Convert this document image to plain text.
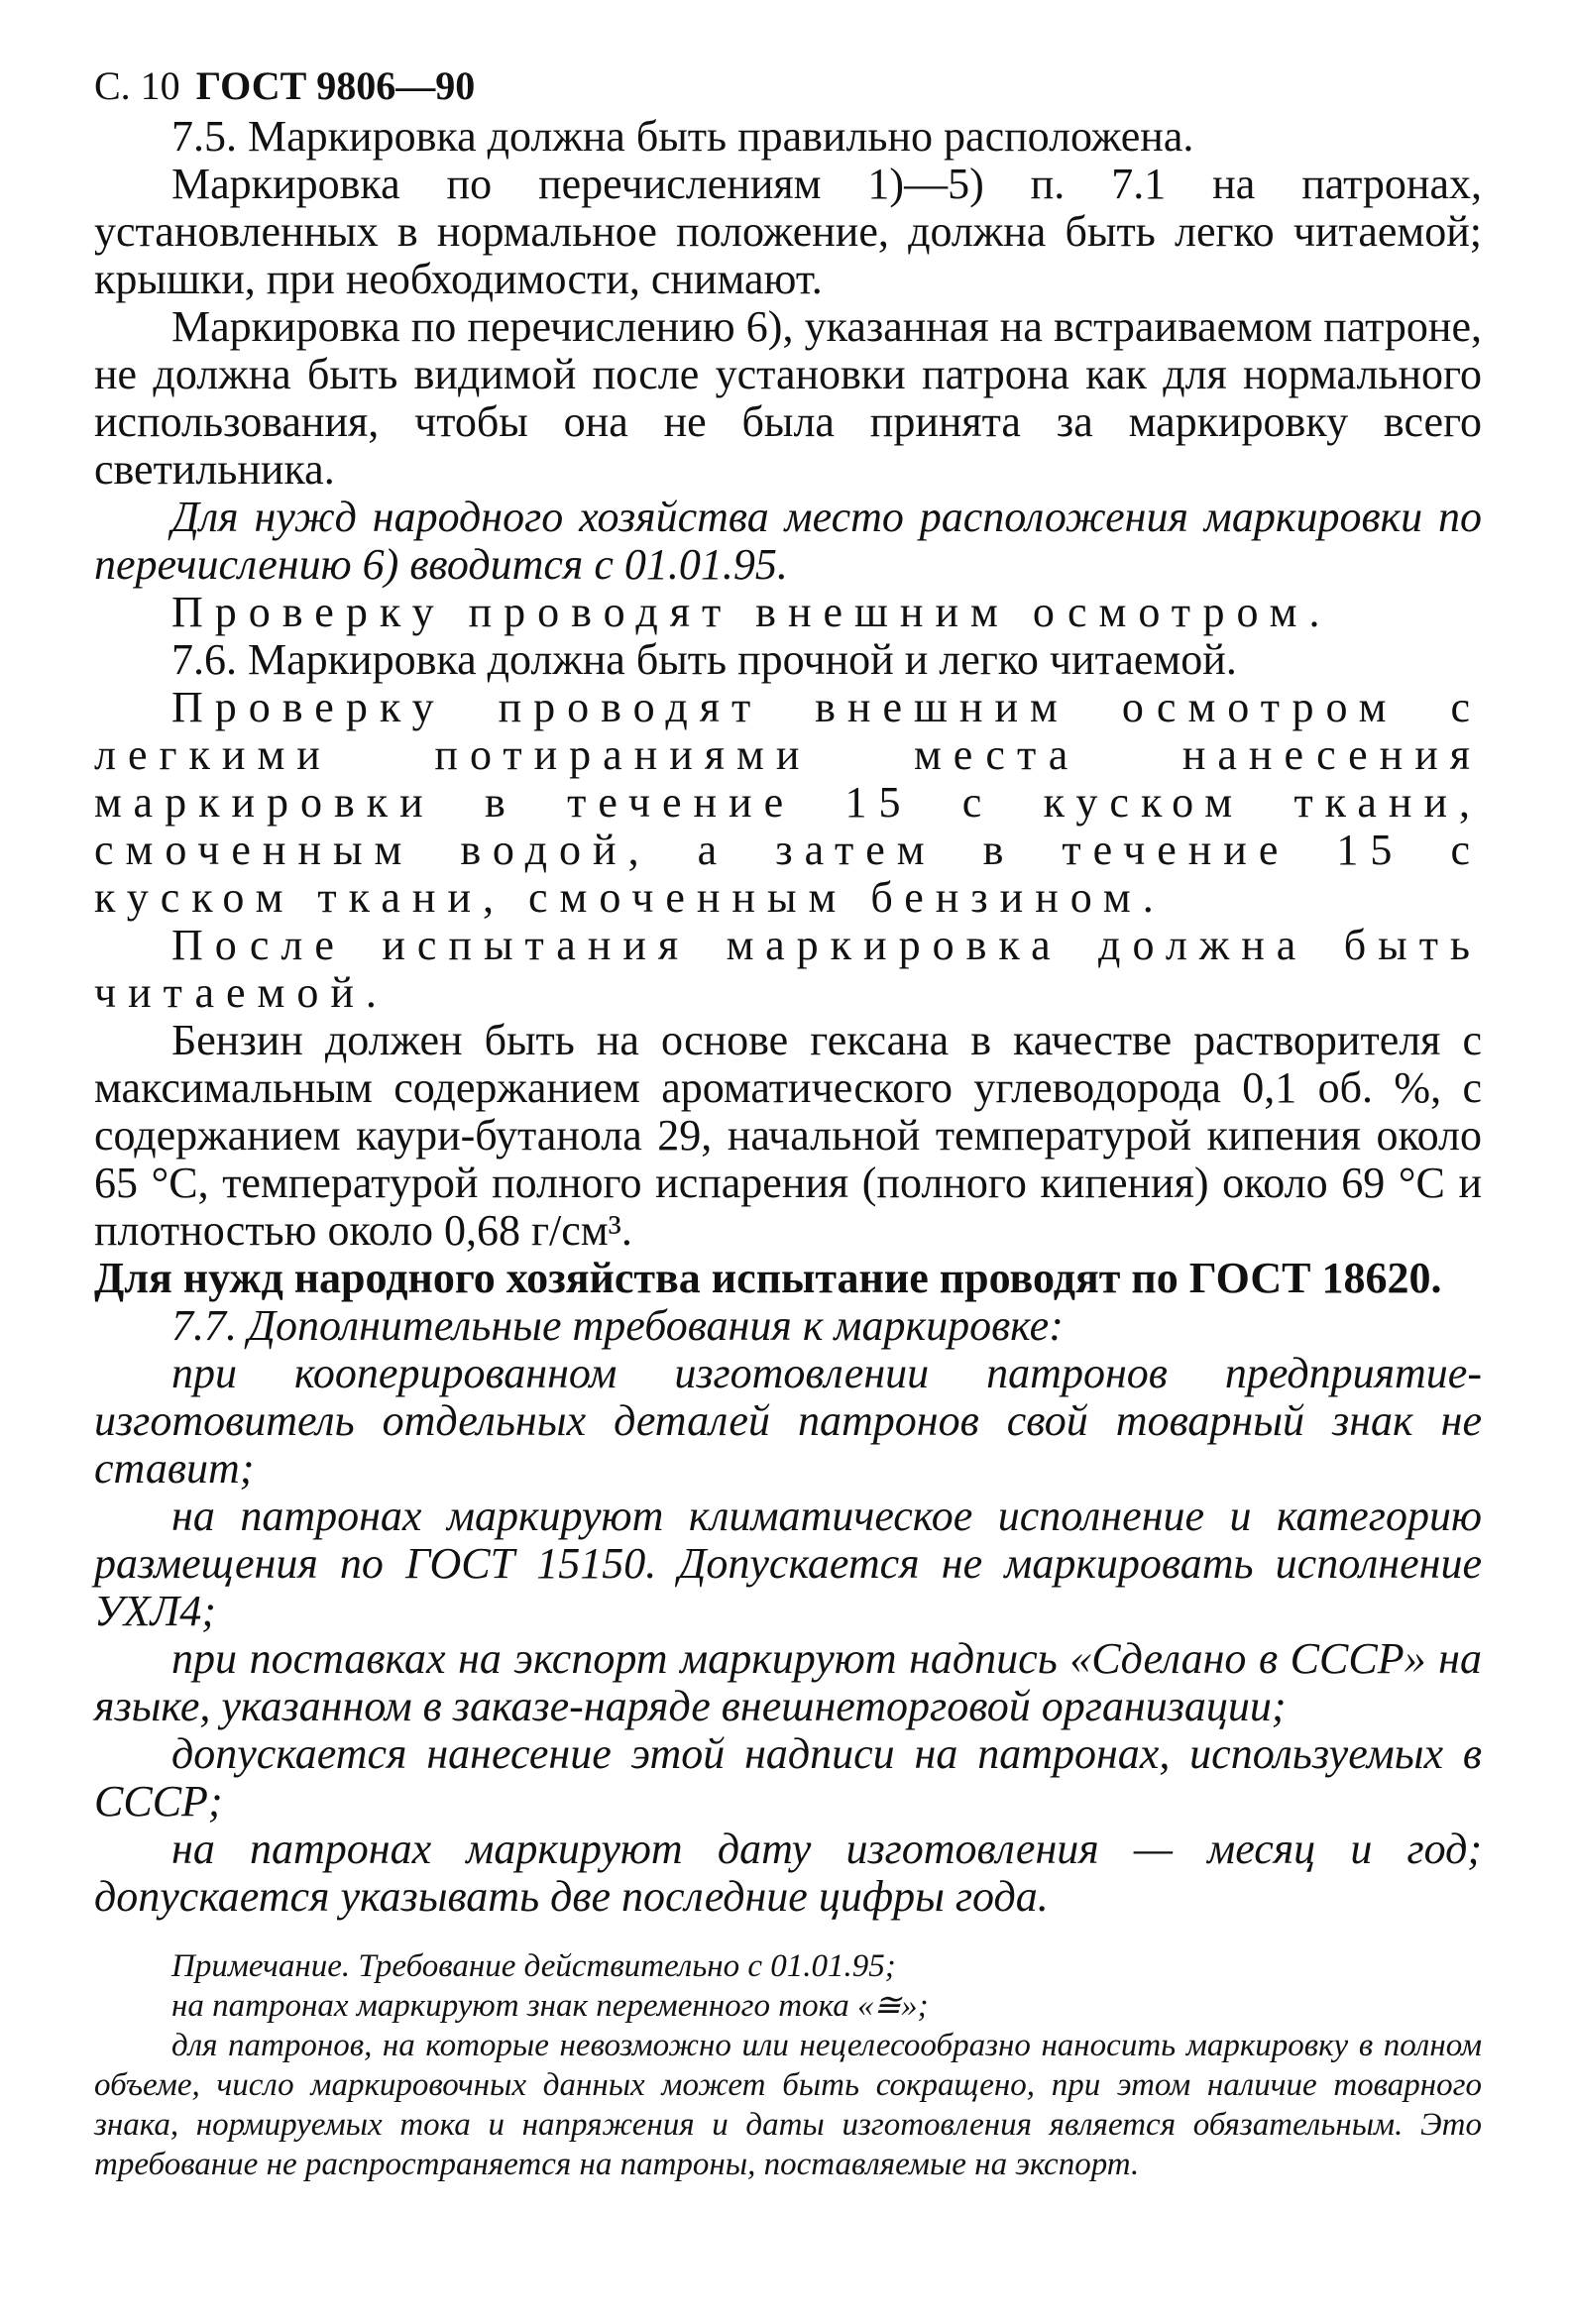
С. 10 ГОСТ 9806—90

7.5. Маркировка должна быть правильно расположена.

Маркировка по перечислениям 1)—5) п. 7.1 на патронах, установленных в нормальное положение, должна быть легко читаемой; крышки, при необходимости, снимают.

Маркировка по перечислению 6), указанная на встраиваемом патроне, не должна быть видимой после установки патрона как для нормального использования, чтобы она не была принята за маркировку всего светильника.

Для нужд народного хозяйства место расположения маркировки по перечислению 6) вводится с 01.01.95.

Проверку проводят внешним осмотром.

7.6. Маркировка должна быть прочной и легко читаемой.

Проверку проводят внешним осмотром с легкими потираниями места нанесения маркировки в течение 15 с куском ткани, смоченным водой, а затем в течение 15 с куском ткани, смоченным бензином.

После испытания маркировка должна быть читаемой.

Бензин должен быть на основе гексана в качестве растворителя с максимальным содержанием ароматического углеводорода 0,1 об. %, с содержанием каури-бутанола 29, начальной температурой кипения около 65 °С, температурой полного испарения (полного кипения) около 69 °С и плотностью около 0,68 г/см³.

Для нужд народного хозяйства испытание проводят по ГОСТ 18620.

7.7. Дополнительные требования к маркировке:

при кооперированном изготовлении патронов предприятие-изготовитель отдельных деталей патронов свой товарный знак не ставит;

на патронах маркируют климатическое исполнение и категорию размещения по ГОСТ 15150. Допускается не маркировать исполнение УХЛ4;

при поставках на экспорт маркируют надпись «Сделано в СССР» на языке, указанном в заказе-наряде внешнеторговой организации;

допускается нанесение этой надписи на патронах, используемых в СССР;

на патронах маркируют дату изготовления — месяц и год; допускается указывать две последние цифры года.

Примечание. Требование действительно с 01.01.95;

на патронах маркируют знак переменного тока «≅»;

для патронов, на которые невозможно или нецелесообразно наносить маркировку в полном объеме, число маркировочных данных может быть сокращено, при этом наличие товарного знака, нормируемых тока и напряжения и даты изготовления является обязательным. Это требование не распространяется на патроны, поставляемые на экспорт.
